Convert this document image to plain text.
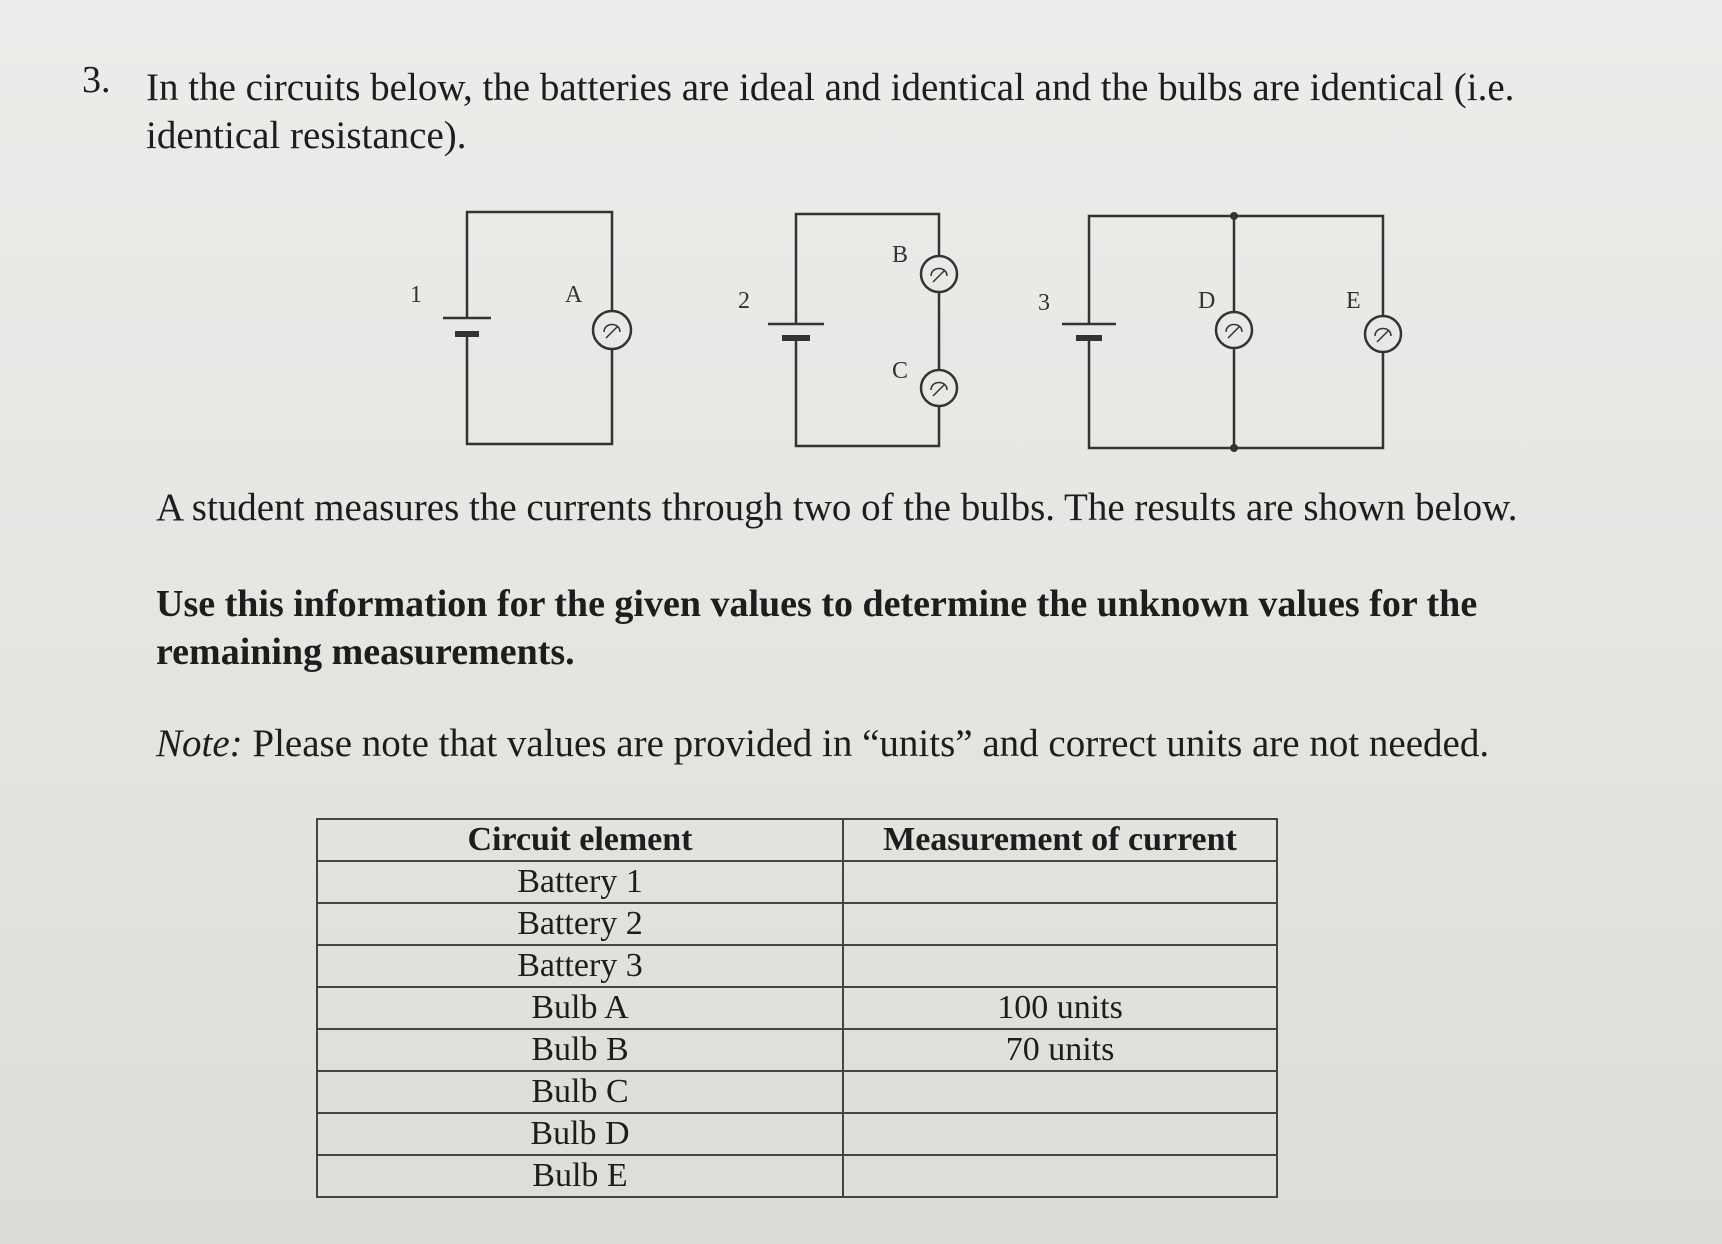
3. In the circuits below, the batteries are ideal and identical and the bulbs are identical (i.e. identical resistance).
1	A	2
B
C
3	D	E
A student measures the currents through two of the bulbs. The results are shown below.
Use this information for the given values to determine the unknown values for the remaining measurements.
Note: Please note that values are provided in “units” and correct units are not needed.
Circuit element	Measurement of current
Battery 1	
Battery 2	
Battery 3	
Bulb A	100 units
Bulb B	70 units
Bulb C	
Bulb D	
Bulb E	
